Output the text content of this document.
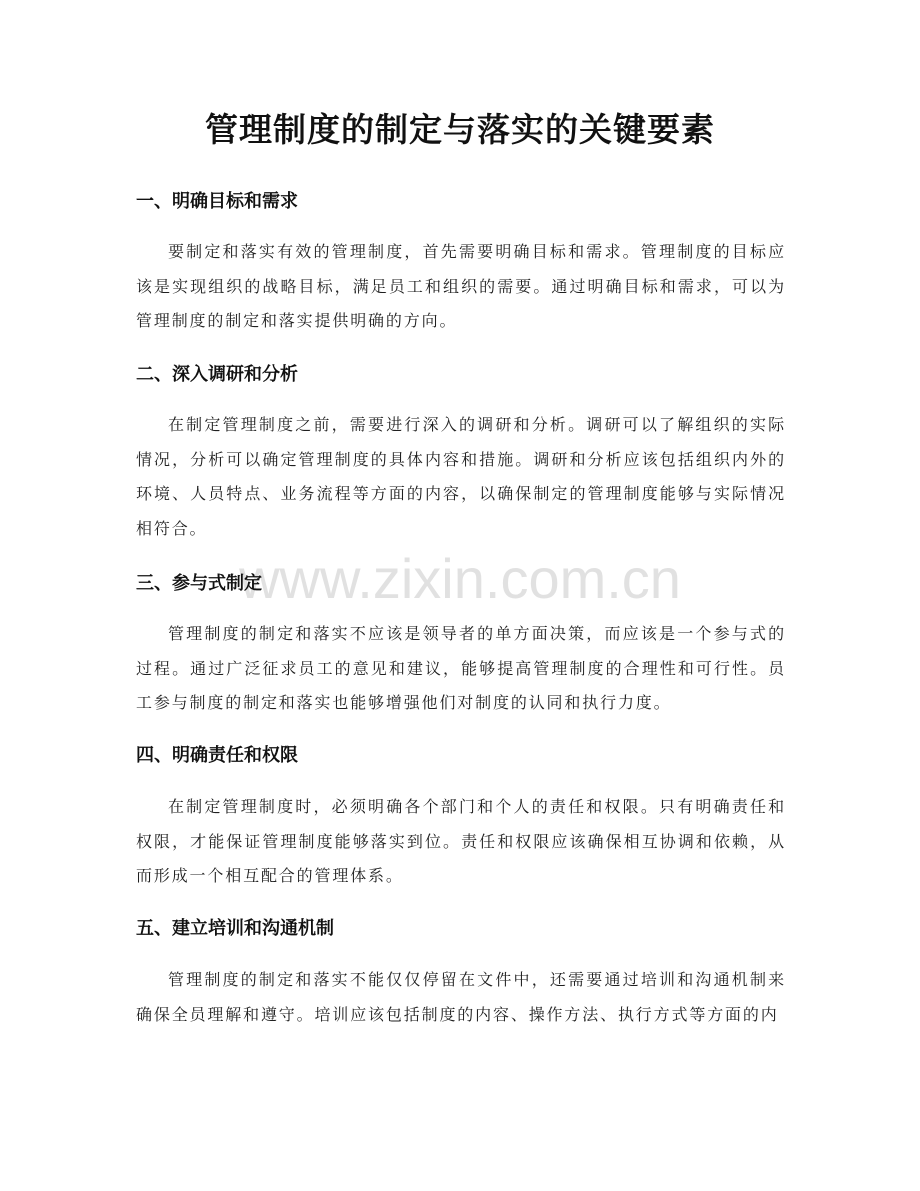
管理制度的制定与落实的关键要素
www.zixin.com.cn
一、明确目标和需求

要制定和落实有效的管理制度，首先需要明确目标和需求。管理制度的目标应该是实现组织的战略目标，满足员工和组织的需要。通过明确目标和需求，可以为管理制度的制定和落实提供明确的方向。

二、深入调研和分析

在制定管理制度之前，需要进行深入的调研和分析。调研可以了解组织的实际情况，分析可以确定管理制度的具体内容和措施。调研和分析应该包括组织内外的环境、人员特点、业务流程等方面的内容，以确保制定的管理制度能够与实际情况相符合。

三、参与式制定

管理制度的制定和落实不应该是领导者的单方面决策，而应该是一个参与式的过程。通过广泛征求员工的意见和建议，能够提高管理制度的合理性和可行性。员工参与制度的制定和落实也能够增强他们对制度的认同和执行力度。

四、明确责任和权限

在制定管理制度时，必须明确各个部门和个人的责任和权限。只有明确责任和权限，才能保证管理制度能够落实到位。责任和权限应该确保相互协调和依赖，从而形成一个相互配合的管理体系。

五、建立培训和沟通机制

管理制度的制定和落实不能仅仅停留在文件中，还需要通过培训和沟通机制来确保全员理解和遵守。培训应该包括制度的内容、操作方法、执行方式等方面的内
